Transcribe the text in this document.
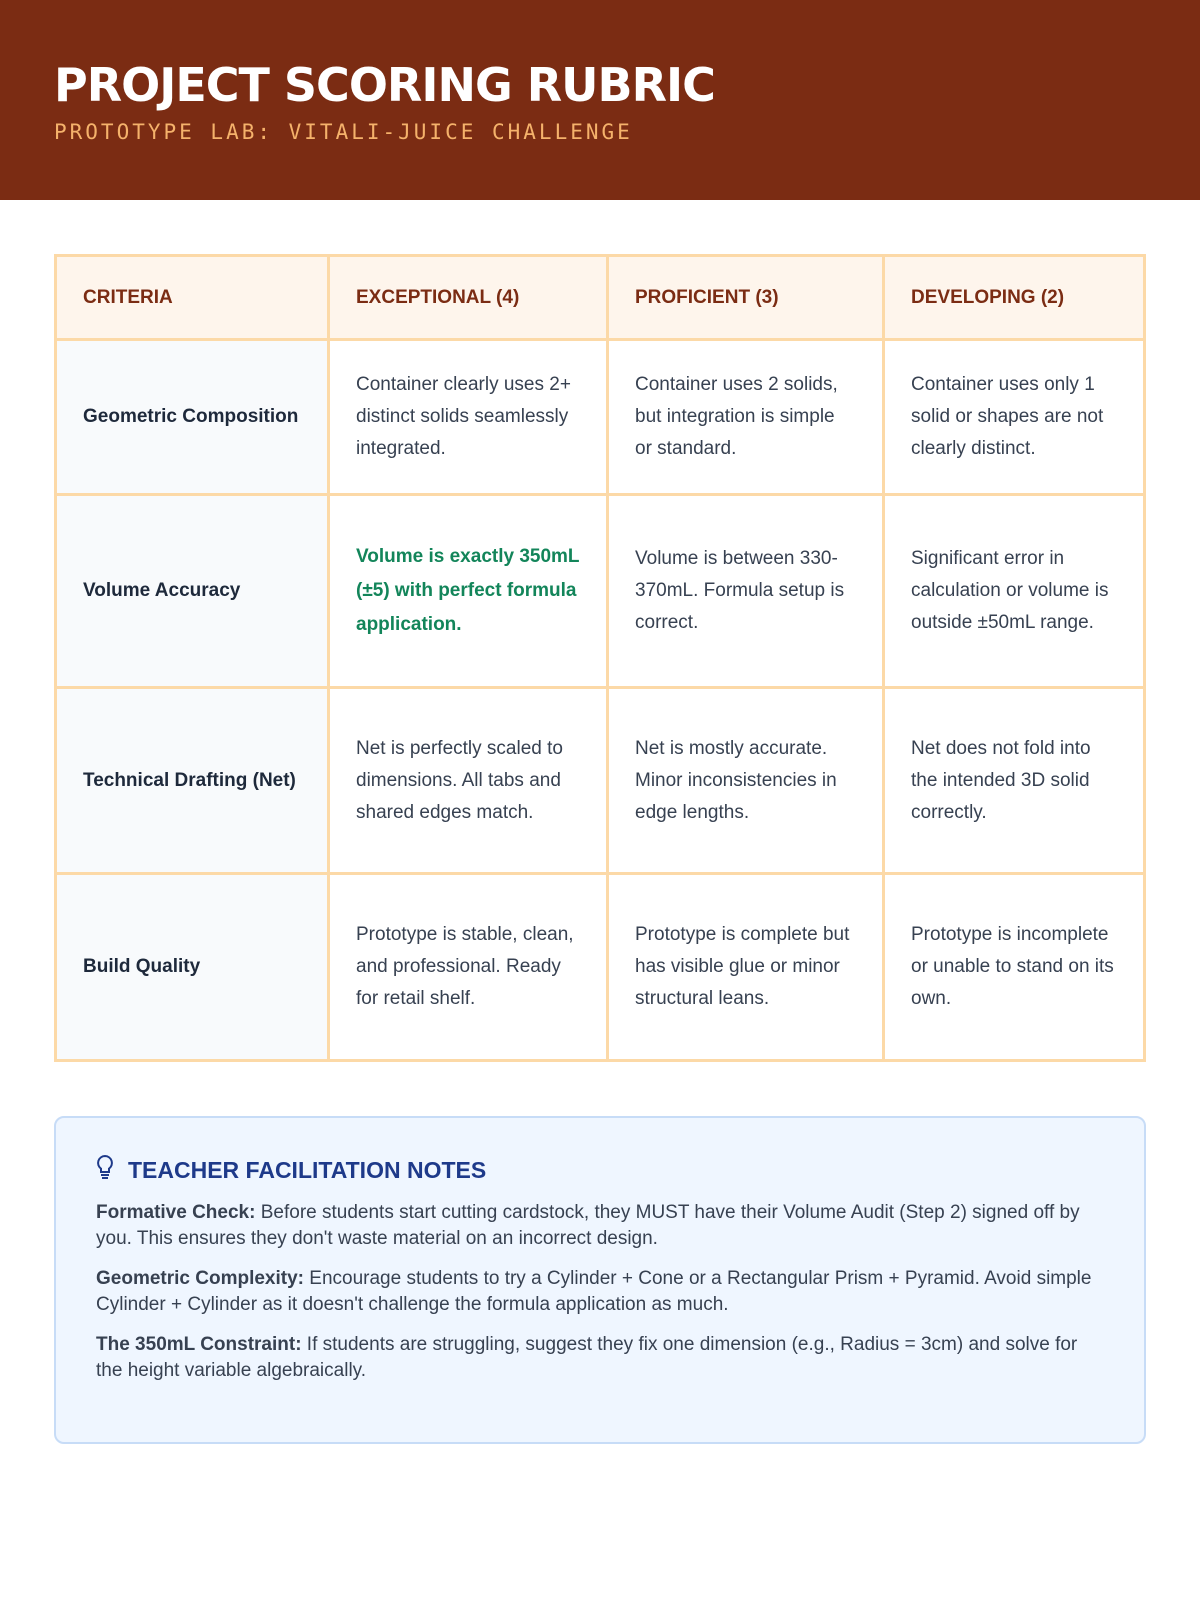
PROJECT SCORING RUBRIC
PROTOTYPE LAB: VITALI-JUICE CHALLENGE
CRITERIA	EXCEPTIONAL (4)	PROFICIENT (3)	DEVELOPING (2)
Geometric Composition	Container clearly uses 2+ distinct solids seamlessly integrated.	Container uses 2 solids, but integration is simple or standard.	Container uses only 1 solid or shapes are not clearly distinct.
Volume Accuracy	Volume is exactly 350mL (±5) with perfect formula application.	Volume is between 330-370mL. Formula setup is correct.	Significant error in calculation or volume is outside ±50mL range.
Technical Drafting (Net)	Net is perfectly scaled to dimensions. All tabs and shared edges match.	Net is mostly accurate. Minor inconsistencies in edge lengths.	Net does not fold into the intended 3D solid correctly.
Build Quality	Prototype is stable, clean, and professional. Ready for retail shelf.	Prototype is complete but has visible glue or minor structural leans.	Prototype is incomplete or unable to stand on its own.
TEACHER FACILITATION NOTES

Formative Check: Before students start cutting cardstock, they MUST have their Volume Audit (Step 2) signed off by you. This ensures they don't waste material on an incorrect design.

Geometric Complexity: Encourage students to try a Cylinder + Cone or a Rectangular Prism + Pyramid. Avoid simple Cylinder + Cylinder as it doesn't challenge the formula application as much.

The 350mL Constraint: If students are struggling, suggest they fix one dimension (e.g., Radius = 3cm) and solve for the height variable algebraically.
